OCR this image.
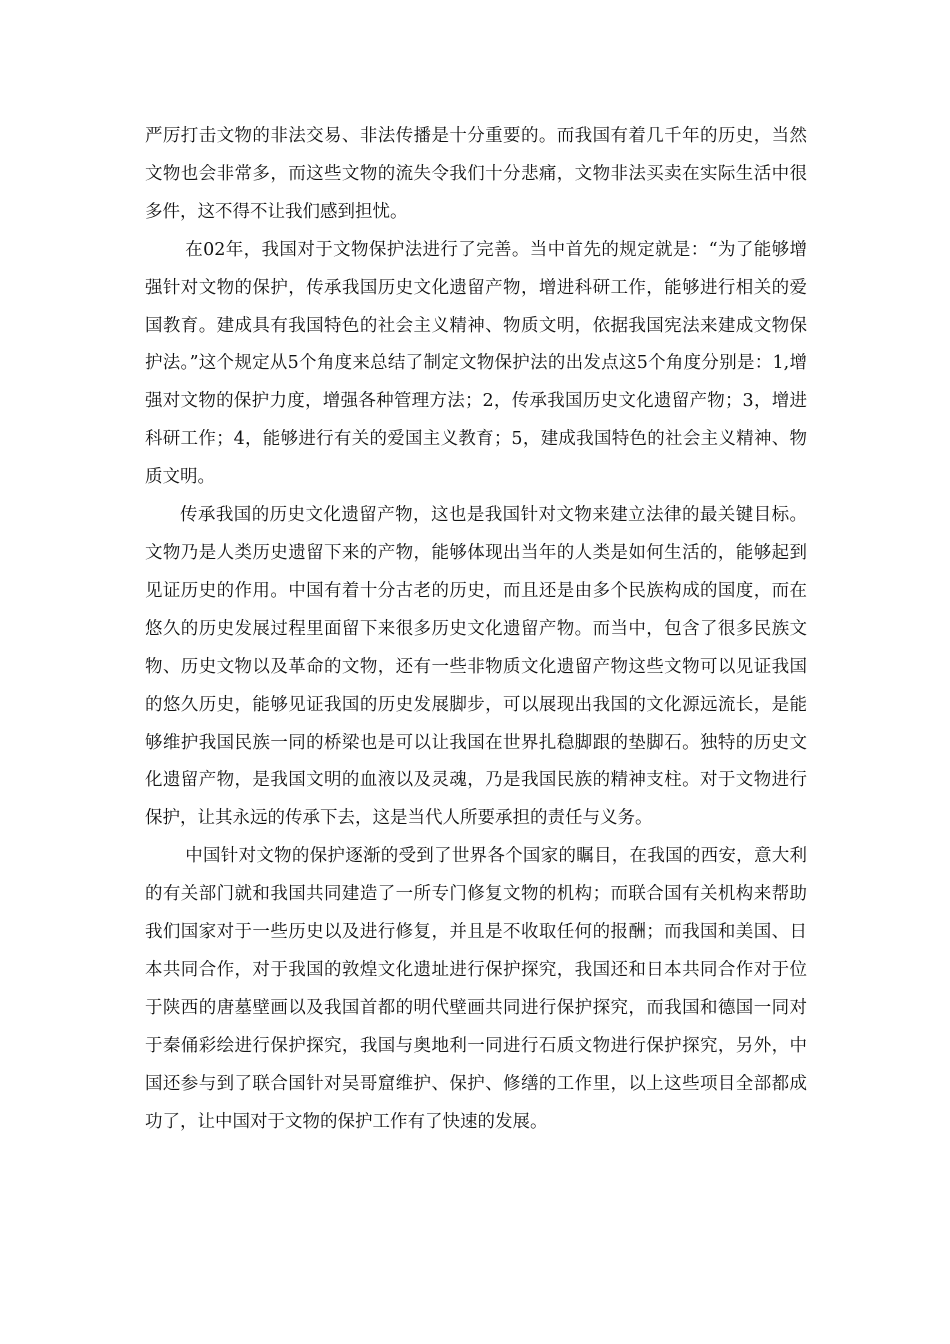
严厉打击文物的非法交易、非法传播是十分重要的。而我国有着几千年的历史，当然文物也会非常多，而这些文物的流失令我们十分悲痛，文物非法买卖在实际生活中很多件，这不得不让我们感到担忧。

在02年，我国对于文物保护法进行了完善。当中首先的规定就是：“为了能够增强针对文物的保护，传承我国历史文化遗留产物，增进科研工作，能够进行相关的爱国教育。建成具有我国特色的社会主义精神、物质文明，依据我国宪法来建成文物保护法。”这个规定从5个角度来总结了制定文物保护法的出发点这5个角度分别是：1,增强对文物的保护力度，增强各种管理方法；2，传承我国历史文化遗留产物；3，增进科研工作；4，能够进行有关的爱国主义教育；5，建成我国特色的社会主义精神、物质文明。

传承我国的历史文化遗留产物，这也是我国针对文物来建立法律的最关键目标。文物乃是人类历史遗留下来的产物，能够体现出当年的人类是如何生活的，能够起到见证历史的作用。中国有着十分古老的历史，而且还是由多个民族构成的国度，而在悠久的历史发展过程里面留下来很多历史文化遗留产物。而当中，包含了很多民族文物、历史文物以及革命的文物，还有一些非物质文化遗留产物这些文物可以见证我国的悠久历史，能够见证我国的历史发展脚步，可以展现出我国的文化源远流长，是能够维护我国民族一同的桥梁也是可以让我国在世界扎稳脚跟的垫脚石。独特的历史文化遗留产物，是我国文明的血液以及灵魂，乃是我国民族的精神支柱。对于文物进行保护，让其永远的传承下去，这是当代人所要承担的责任与义务。

中国针对文物的保护逐渐的受到了世界各个国家的瞩目，在我国的西安，意大利的有关部门就和我国共同建造了一所专门修复文物的机构；而联合国有关机构来帮助我们国家对于一些历史以及进行修复，并且是不收取任何的报酬；而我国和美国、日本共同合作，对于我国的敦煌文化遗址进行保护探究，我国还和日本共同合作对于位于陕西的唐墓壁画以及我国首都的明代壁画共同进行保护探究，而我国和德国一同对于秦俑彩绘进行保护探究，我国与奥地利一同进行石质文物进行保护探究，另外，中国还参与到了联合国针对吴哥窟维护、保护、修缮的工作里，以上这些项目全部都成功了，让中国对于文物的保护工作有了快速的发展。
